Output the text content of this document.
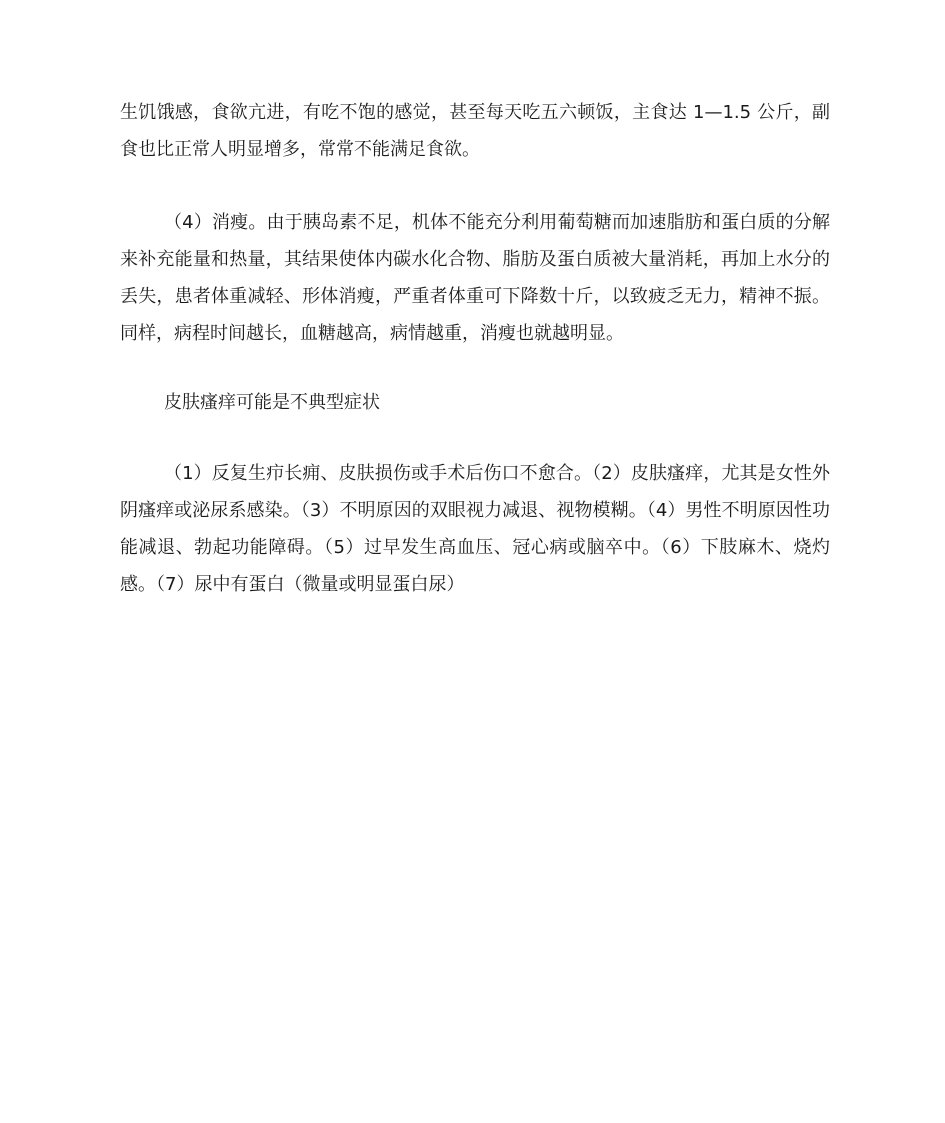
生饥饿感，食欲亢进，有吃不饱的感觉，甚至每天吃五六顿饭，主食达 1—1.5 公斤，副食也比正常人明显增多，常常不能满足食欲。

（4）消瘦。由于胰岛素不足，机体不能充分利用葡萄糖而加速脂肪和蛋白质的分解来补充能量和热量，其结果使体内碳水化合物、脂肪及蛋白质被大量消耗，再加上水分的丢失，患者体重减轻、形体消瘦，严重者体重可下降数十斤，以致疲乏无力，精神不振。同样，病程时间越长，血糖越高，病情越重，消瘦也就越明显。

皮肤瘙痒可能是不典型症状

（1）反复生疖长痈、皮肤损伤或手术后伤口不愈合。（2）皮肤瘙痒，尤其是女性外阴瘙痒或泌尿系感染。（3）不明原因的双眼视力减退、视物模糊。（4）男性不明原因性功能减退、勃起功能障碍。（5）过早发生高血压、冠心病或脑卒中。（6）下肢麻木、烧灼感。（7）尿中有蛋白（微量或明显蛋白尿）
